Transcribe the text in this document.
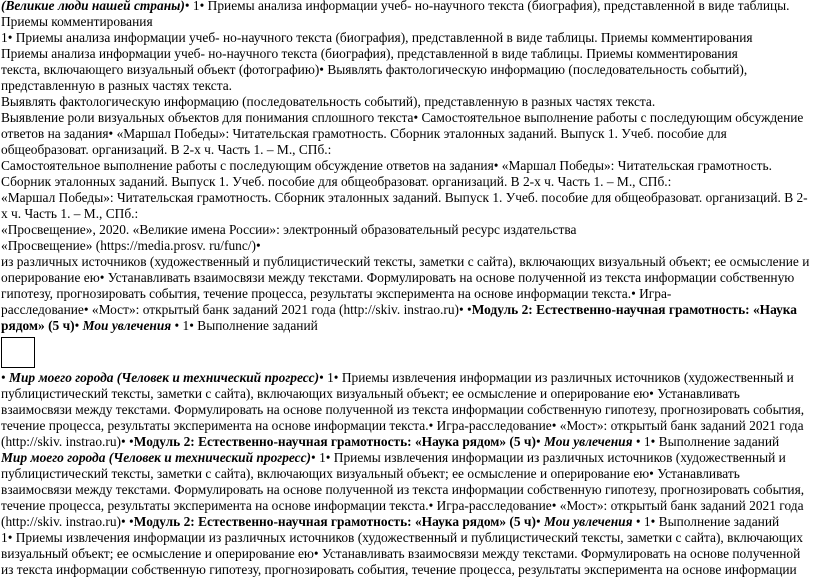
(Великие люди нашей страны)• 1• Приемы анализа информации учеб- но-научного текста (биография), представленной в виде таблицы.
Приемы комментирования
1• Приемы анализа информации учеб- но-научного текста (биография), представленной в виде таблицы. Приемы комментирования
Приемы анализа информации учеб- но-научного текста (биография), представленной в виде таблицы. Приемы комментирования
текста, включающего визуальный объект (фотографию)• Выявлять фактологическую информацию (последовательность событий),
представленную в разных частях текста.
Выявлять фактологическую информацию (последовательность событий), представленную в разных частях текста.
Выявление роли визуальных объектов для понимания сплошного текста• Самостоятельное выполнение работы с последующим обсуждение
ответов на задания• «Маршал Победы»: Читательская грамотность. Сборник эталонных заданий. Выпуск 1. Учеб. пособие для
общеобразоват. организаций. В 2-х ч. Часть 1. – М., СПб.:
Самостоятельное выполнение работы с последующим обсуждение ответов на задания• «Маршал Победы»: Читательская грамотность.
Сборник эталонных заданий. Выпуск 1. Учеб. пособие для общеобразоват. организаций. В 2-х ч. Часть 1. – М., СПб.:
«Маршал Победы»: Читательская грамотность. Сборник эталонных заданий. Выпуск 1. Учеб. пособие для общеобразоват. организаций. В 2-
х ч. Часть 1. – М., СПб.:
«Просвещение», 2020. «Великие имена России»: электронный образовательный ресурс издательства
«Просвещение» (https://media.prosv. ru/func/)•
из различных источников (художественный и публицистический тексты, заметки с сайта), включающих визуальный объект; ее осмысление и
оперирование ею• Устанавливать взаимосвязи между текстами. Формулировать на основе полученной из текста информации собственную
гипотезу, прогнозировать события, течение процесса, результаты эксперимента на основе информации текста.• Игра-
расследование• «Мост»: открытый банк заданий 2021 года (http://skiv. instrao.ru)• •Модуль 2: Естественно-научная грамотность: «Наука
рядом» (5 ч)• Мои увлечения • 1• Выполнение заданий
• Мир моего города (Человек и технический прогресс)• 1• Приемы извлечения информации из различных источников (художественный и
публицистический тексты, заметки с сайта), включающих визуальный объект; ее осмысление и оперирование ею• Устанавливать
взаимосвязи между текстами. Формулировать на основе полученной из текста информации собственную гипотезу, прогнозировать события,
течение процесса, результаты эксперимента на основе информации текста.• Игра-расследование• «Мост»: открытый банк заданий 2021 года
(http://skiv. instrao.ru)• •Модуль 2: Естественно-научная грамотность: «Наука рядом» (5 ч)• Мои увлечения • 1• Выполнение заданий
Мир моего города (Человек и технический прогресс)• 1• Приемы извлечения информации из различных источников (художественный и
публицистический тексты, заметки с сайта), включающих визуальный объект; ее осмысление и оперирование ею• Устанавливать
взаимосвязи между текстами. Формулировать на основе полученной из текста информации собственную гипотезу, прогнозировать события,
течение процесса, результаты эксперимента на основе информации текста.• Игра-расследование• «Мост»: открытый банк заданий 2021 года
(http://skiv. instrao.ru)• •Модуль 2: Естественно-научная грамотность: «Наука рядом» (5 ч)• Мои увлечения • 1• Выполнение заданий
1• Приемы извлечения информации из различных источников (художественный и публицистический тексты, заметки с сайта), включающих
визуальный объект; ее осмысление и оперирование ею• Устанавливать взаимосвязи между текстами. Формулировать на основе полученной
из текста информации собственную гипотезу, прогнозировать события, течение процесса, результаты эксперимента на основе информации
